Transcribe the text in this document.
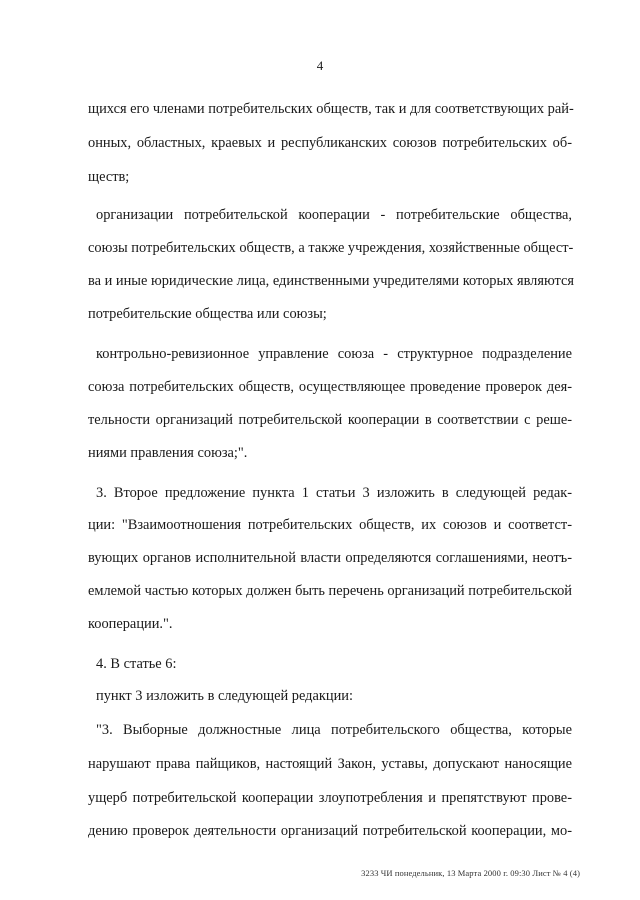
4
щихся его членами потребительских обществ, так и для соответствующих рай-
онных, областных, краевых и республиканских союзов потребительских об-
ществ;
организации потребительской кооперации - потребительские общества,
союзы потребительских обществ, а также учреждения, хозяйственные общест-
ва и иные юридические лица, единственными учредителями которых являются
потребительские общества или союзы;
контрольно-ревизионное управление союза - структурное подразделение
союза потребительских обществ, осуществляющее проведение проверок дея-
тельности организаций потребительской кооперации в соответствии с реше-
ниями правления союза;".
3. Второе предложение пункта 1 статьи 3 изложить в следующей редак-
ции: "Взаимоотношения потребительских обществ, их союзов и соответст-
вующих органов исполнительной власти определяются соглашениями, неотъ-
емлемой частью которых должен быть перечень организаций потребительской
кооперации.".
4. В статье 6:
пункт 3 изложить в следующей редакции:
"3. Выборные должностные лица потребительского общества, которые
нарушают права пайщиков, настоящий Закон, уставы, допускают наносящие
ущерб потребительской кооперации злоупотребления и препятствуют прове-
дению проверок деятельности организаций потребительской кооперации, мо-
3233 ЧИ понедельник, 13 Марта 2000 г. 09:30 Лист № 4 (4)
